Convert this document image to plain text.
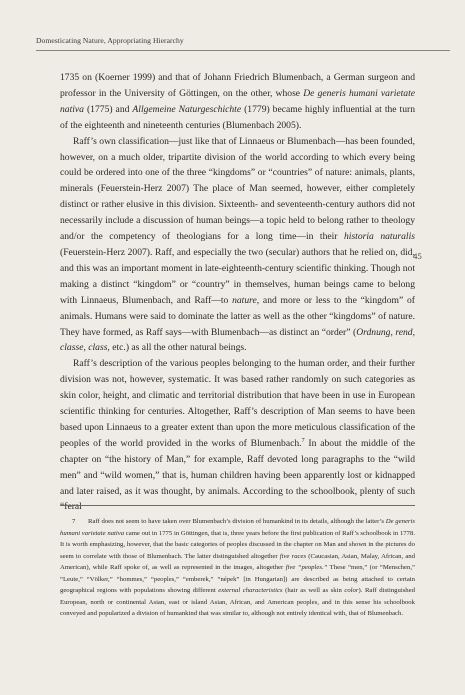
Domesticating Nature, Appropriating Hierarchy

1735 on (Koerner 1999) and that of Johann Friedrich Blumenbach, a German surgeon and professor in the University of Göttingen, on the other, whose De generis humani varietate nativa (1775) and Allgemeine Naturgeschichte (1779) became highly influential at the turn of the eighteenth and nineteenth centuries (Blumenbach 2005).

Raff’s own classification—just like that of Linnaeus or Blumenbach—has been founded, however, on a much older, tripartite division of the world according to which every being could be ordered into one of the three “kingdoms” or “countries” of nature: animals, plants, minerals (Feuerstein-Herz 2007) The place of Man seemed, however, either completely distinct or rather elusive in this division. Sixteenth- and seventeenth-century authors did not necessarily include a discussion of human beings—a topic held to belong rather to theology and/or the competency of theologians for a long time—in their historia naturalis (Feuerstein-Herz 2007). Raff, and especially the two (secular) authors that he relied on, did, and this was an important moment in late-eighteenth-century scientific thinking. Though not making a distinct “kingdom” or “country” in themselves, human beings came to belong with Linnaeus, Blumenbach, and Raff—to nature, and more or less to the “kingdom” of animals. Humans were said to dominate the latter as well as the other “kingdoms” of nature. They have formed, as Raff says—with Blumenbach—as distinct an “order” (Ordnung, rend, classe, class, etc.) as all the other natural beings.

Raff’s description of the various peoples belonging to the human order, and their further division was not, however, systematic. It was based rather randomly on such categories as skin color, height, and climatic and territorial distribution that have been in use in European scientific thinking for centuries. Altogether, Raff’s description of Man seems to have been based upon Linnaeus to a greater extent than upon the more meticulous classification of the peoples of the world provided in the works of Blumenbach.$^7$ In about the middle of the chapter on “the history of Man,” for example, Raff devoted long paragraphs to the “wild men” and “wild women,” that is, human children having been apparently lost or kidnapped and later raised, as it was thought, by animals. According to the schoolbook, plenty of such “feral

45

7 Raff does not seem to have taken over Blumenbach’s division of humankind in its details, although the latter’s De generis humani varietate nativa came out in 1775 in Göttingen, that is, three years before the first publication of Raff’s schoolbook in 1778. It is worth emphasizing, however, that the basic categories of peoples discussed in the chapter on Man and shown in the pictures do seem to correlate with those of Blumenbach. The latter distinguished altogether five races (Caucasian, Asian, Malay, African, and American), while Raff spoke of, as well as represented in the images, altogether five “peoples.” These “men,” (or “Menschen,” “Leute,” “Völker,” “hommes,” “peoples,” “emberek,” “népek” [in Hungarian]) are described as being attached to certain geographical regions with populations showing different external characteristics (hair as well as skin color). Raff distinguished European, north or continental Asian, east or island Asian, African, and American peoples, and in this sense his schoolbook conveyed and popularized a division of humankind that was similar to, although not entirely identical with, that of Blumenbach.
